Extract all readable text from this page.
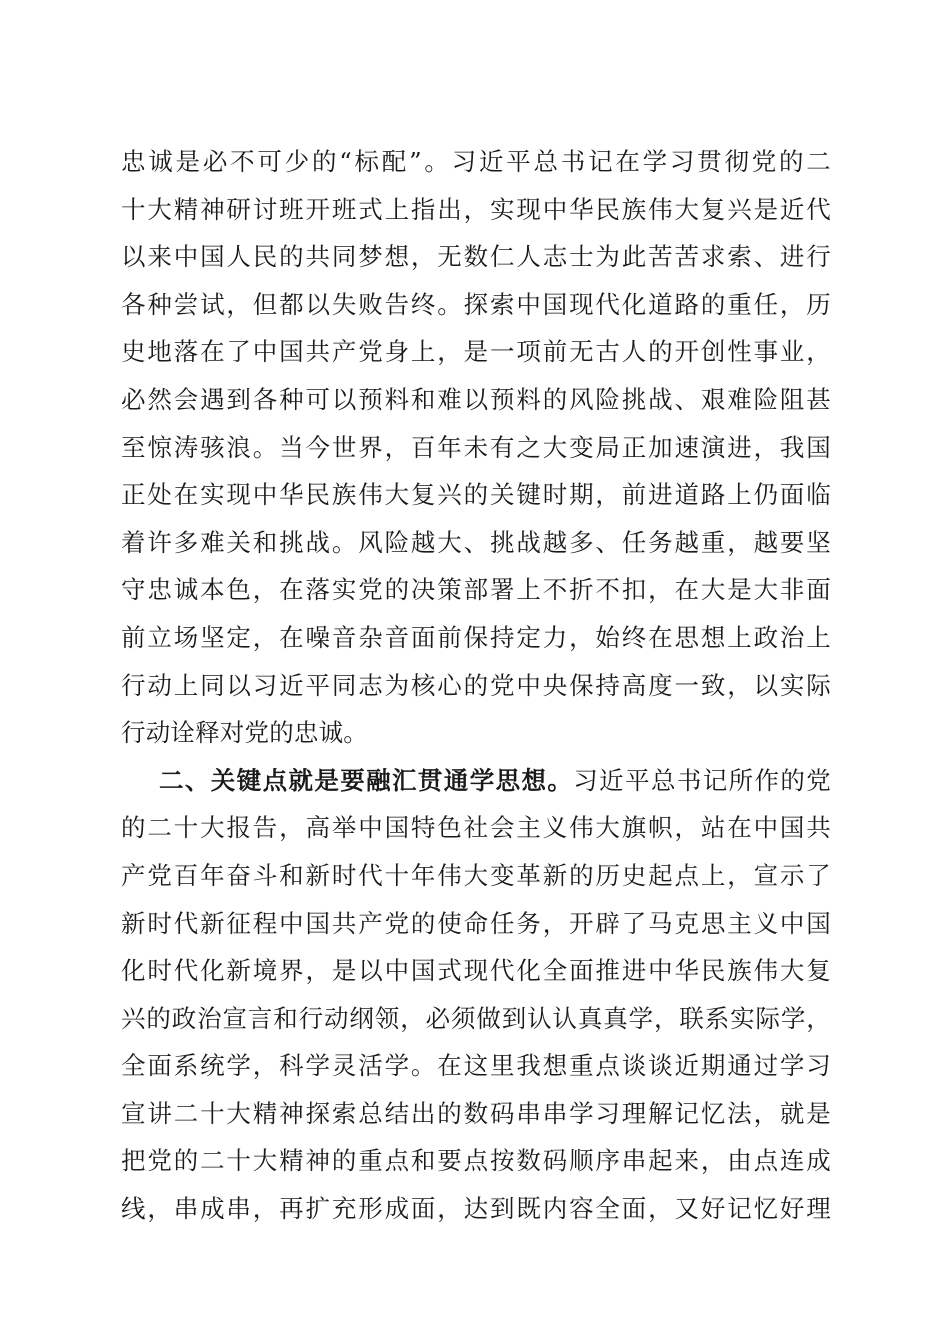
忠诚是必不可少的“标配”。习近平总书记在学习贯彻党的二
十大精神研讨班开班式上指出，实现中华民族伟大复兴是近代
以来中国人民的共同梦想，无数仁人志士为此苦苦求索、进行
各种尝试，但都以失败告终。探索中国现代化道路的重任，历
史地落在了中国共产党身上，是一项前无古人的开创性事业，
必然会遇到各种可以预料和难以预料的风险挑战、艰难险阻甚
至惊涛骇浪。当今世界，百年未有之大变局正加速演进，我国
正处在实现中华民族伟大复兴的关键时期，前进道路上仍面临
着许多难关和挑战。风险越大、挑战越多、任务越重，越要坚
守忠诚本色，在落实党的决策部署上不折不扣，在大是大非面
前立场坚定，在噪音杂音面前保持定力，始终在思想上政治上
行动上同以习近平同志为核心的党中央保持高度一致，以实际
行动诠释对党的忠诚。
二、关键点就是要融汇贯通学思想。习近平总书记所作的党
的二十大报告，高举中国特色社会主义伟大旗帜，站在中国共
产党百年奋斗和新时代十年伟大变革新的历史起点上，宣示了
新时代新征程中国共产党的使命任务，开辟了马克思主义中国
化时代化新境界，是以中国式现代化全面推进中华民族伟大复
兴的政治宣言和行动纲领，必须做到认认真真学，联系实际学，
全面系统学，科学灵活学。在这里我想重点谈谈近期通过学习
宣讲二十大精神探索总结出的数码串串学习理解记忆法，就是
把党的二十大精神的重点和要点按数码顺序串起来，由点连成
线，串成串，再扩充形成面，达到既内容全面，又好记忆好理
